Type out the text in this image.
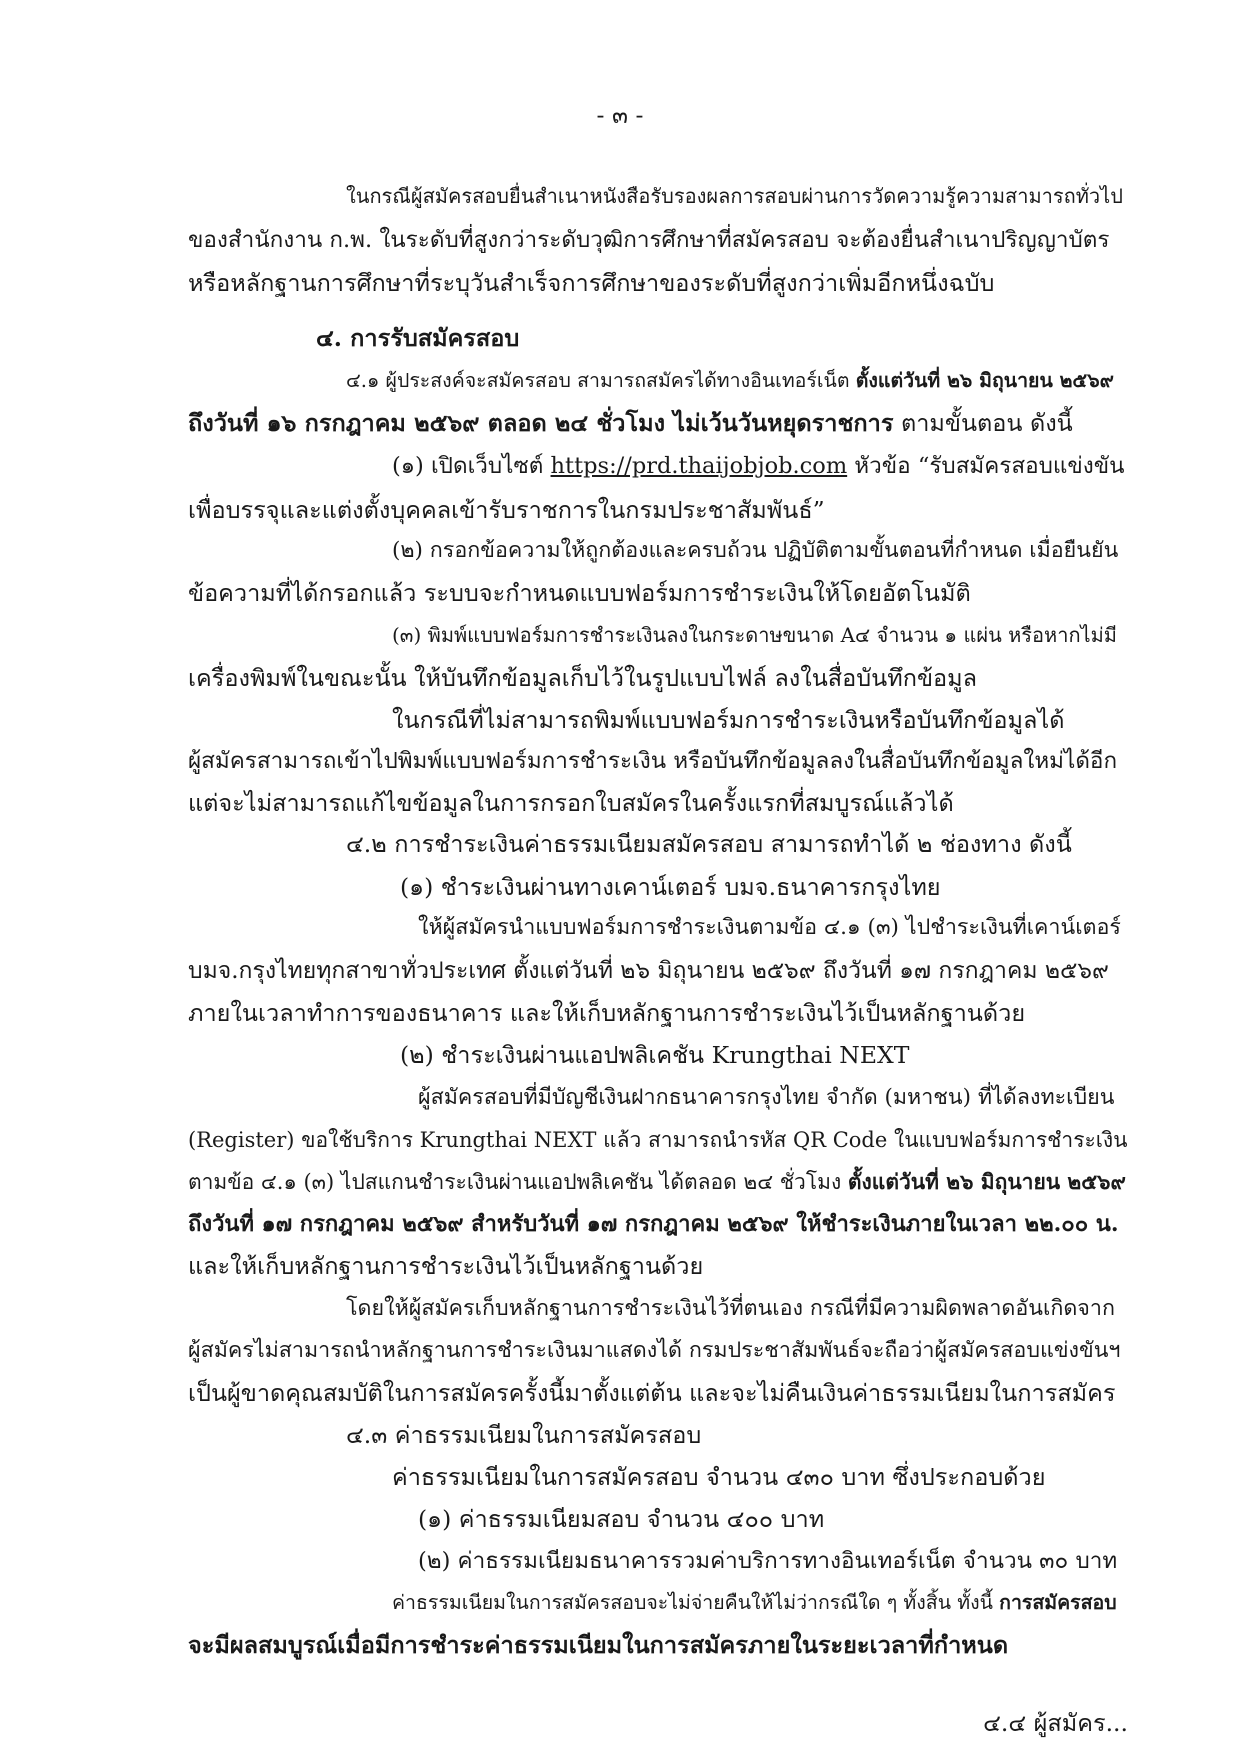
- ๓ -
ในกรณีผู้สมัครสอบยื่นสำเนาหนังสือรับรองผลการสอบผ่านการวัดความรู้ความสามารถทั่วไป
ของสำนักงาน ก.พ. ในระดับที่สูงกว่าระดับวุฒิการศึกษาที่สมัครสอบ จะต้องยื่นสำเนาปริญญาบัตร
หรือหลักฐานการศึกษาที่ระบุวันสำเร็จการศึกษาของระดับที่สูงกว่าเพิ่มอีกหนึ่งฉบับ
๔. การรับสมัครสอบ
๔.๑ ผู้ประสงค์จะสมัครสอบ สามารถสมัครได้ทางอินเทอร์เน็ต ตั้งแต่วันที่ ๒๖ มิถุนายน ๒๕๖๙
ถึงวันที่ ๑๖ กรกฎาคม ๒๕๖๙ ตลอด ๒๔ ชั่วโมง ไม่เว้นวันหยุดราชการ ตามขั้นตอน ดังนี้
(๑) เปิดเว็บไซต์ https://prd.thaijobjob.com หัวข้อ “รับสมัครสอบแข่งขัน
เพื่อบรรจุและแต่งตั้งบุคคลเข้ารับราชการในกรมประชาสัมพันธ์”
(๒) กรอกข้อความให้ถูกต้องและครบถ้วน ปฏิบัติตามขั้นตอนที่กำหนด เมื่อยืนยัน
ข้อความที่ได้กรอกแล้ว ระบบจะกำหนดแบบฟอร์มการชำระเงินให้โดยอัตโนมัติ
(๓) พิมพ์แบบฟอร์มการชำระเงินลงในกระดาษขนาด A๔ จำนวน ๑ แผ่น หรือหากไม่มี
เครื่องพิมพ์ในขณะนั้น ให้บันทึกข้อมูลเก็บไว้ในรูปแบบไฟล์ ลงในสื่อบันทึกข้อมูล
ในกรณีที่ไม่สามารถพิมพ์แบบฟอร์มการชำระเงินหรือบันทึกข้อมูลได้
ผู้สมัครสามารถเข้าไปพิมพ์แบบฟอร์มการชำระเงิน หรือบันทึกข้อมูลลงในสื่อบันทึกข้อมูลใหม่ได้อีก
แต่จะไม่สามารถแก้ไขข้อมูลในการกรอกใบสมัครในครั้งแรกที่สมบูรณ์แล้วได้
๔.๒ การชำระเงินค่าธรรมเนียมสมัครสอบ สามารถทำได้ ๒ ช่องทาง ดังนี้
(๑) ชำระเงินผ่านทางเคาน์เตอร์ บมจ.ธนาคารกรุงไทย
ให้ผู้สมัครนำแบบฟอร์มการชำระเงินตามข้อ ๔.๑ (๓) ไปชำระเงินที่เคาน์เตอร์
บมจ.กรุงไทยทุกสาขาทั่วประเทศ ตั้งแต่วันที่ ๒๖ มิถุนายน ๒๕๖๙ ถึงวันที่ ๑๗ กรกฎาคม ๒๕๖๙
ภายในเวลาทำการของธนาคาร และให้เก็บหลักฐานการชำระเงินไว้เป็นหลักฐานด้วย
(๒) ชำระเงินผ่านแอปพลิเคชัน Krungthai NEXT
ผู้สมัครสอบที่มีบัญชีเงินฝากธนาคารกรุงไทย จำกัด (มหาชน) ที่ได้ลงทะเบียน
(Register) ขอใช้บริการ Krungthai NEXT แล้ว สามารถนำรหัส QR Code ในแบบฟอร์มการชำระเงิน
ตามข้อ ๔.๑ (๓) ไปสแกนชำระเงินผ่านแอปพลิเคชัน ได้ตลอด ๒๔ ชั่วโมง ตั้งแต่วันที่ ๒๖ มิถุนายน ๒๕๖๙
ถึงวันที่ ๑๗ กรกฎาคม ๒๕๖๙ สำหรับวันที่ ๑๗ กรกฎาคม ๒๕๖๙ ให้ชำระเงินภายในเวลา ๒๒.๐๐ น.
และให้เก็บหลักฐานการชำระเงินไว้เป็นหลักฐานด้วย
โดยให้ผู้สมัครเก็บหลักฐานการชำระเงินไว้ที่ตนเอง กรณีที่มีความผิดพลาดอันเกิดจาก
ผู้สมัครไม่สามารถนำหลักฐานการชำระเงินมาแสดงได้ กรมประชาสัมพันธ์จะถือว่าผู้สมัครสอบแข่งขันฯ
เป็นผู้ขาดคุณสมบัติในการสมัครครั้งนี้มาตั้งแต่ต้น และจะไม่คืนเงินค่าธรรมเนียมในการสมัคร
๔.๓ ค่าธรรมเนียมในการสมัครสอบ
ค่าธรรมเนียมในการสมัครสอบ จำนวน ๔๓๐ บาท ซึ่งประกอบด้วย
(๑) ค่าธรรมเนียมสอบ จำนวน ๔๐๐ บาท
(๒) ค่าธรรมเนียมธนาคารรวมค่าบริการทางอินเทอร์เน็ต จำนวน ๓๐ บาท
ค่าธรรมเนียมในการสมัครสอบจะไม่จ่ายคืนให้ไม่ว่ากรณีใด ๆ ทั้งสิ้น ทั้งนี้ การสมัครสอบ
จะมีผลสมบูรณ์เมื่อมีการชำระค่าธรรมเนียมในการสมัครภายในระยะเวลาที่กำหนด
๔.๔ ผู้สมัคร...
